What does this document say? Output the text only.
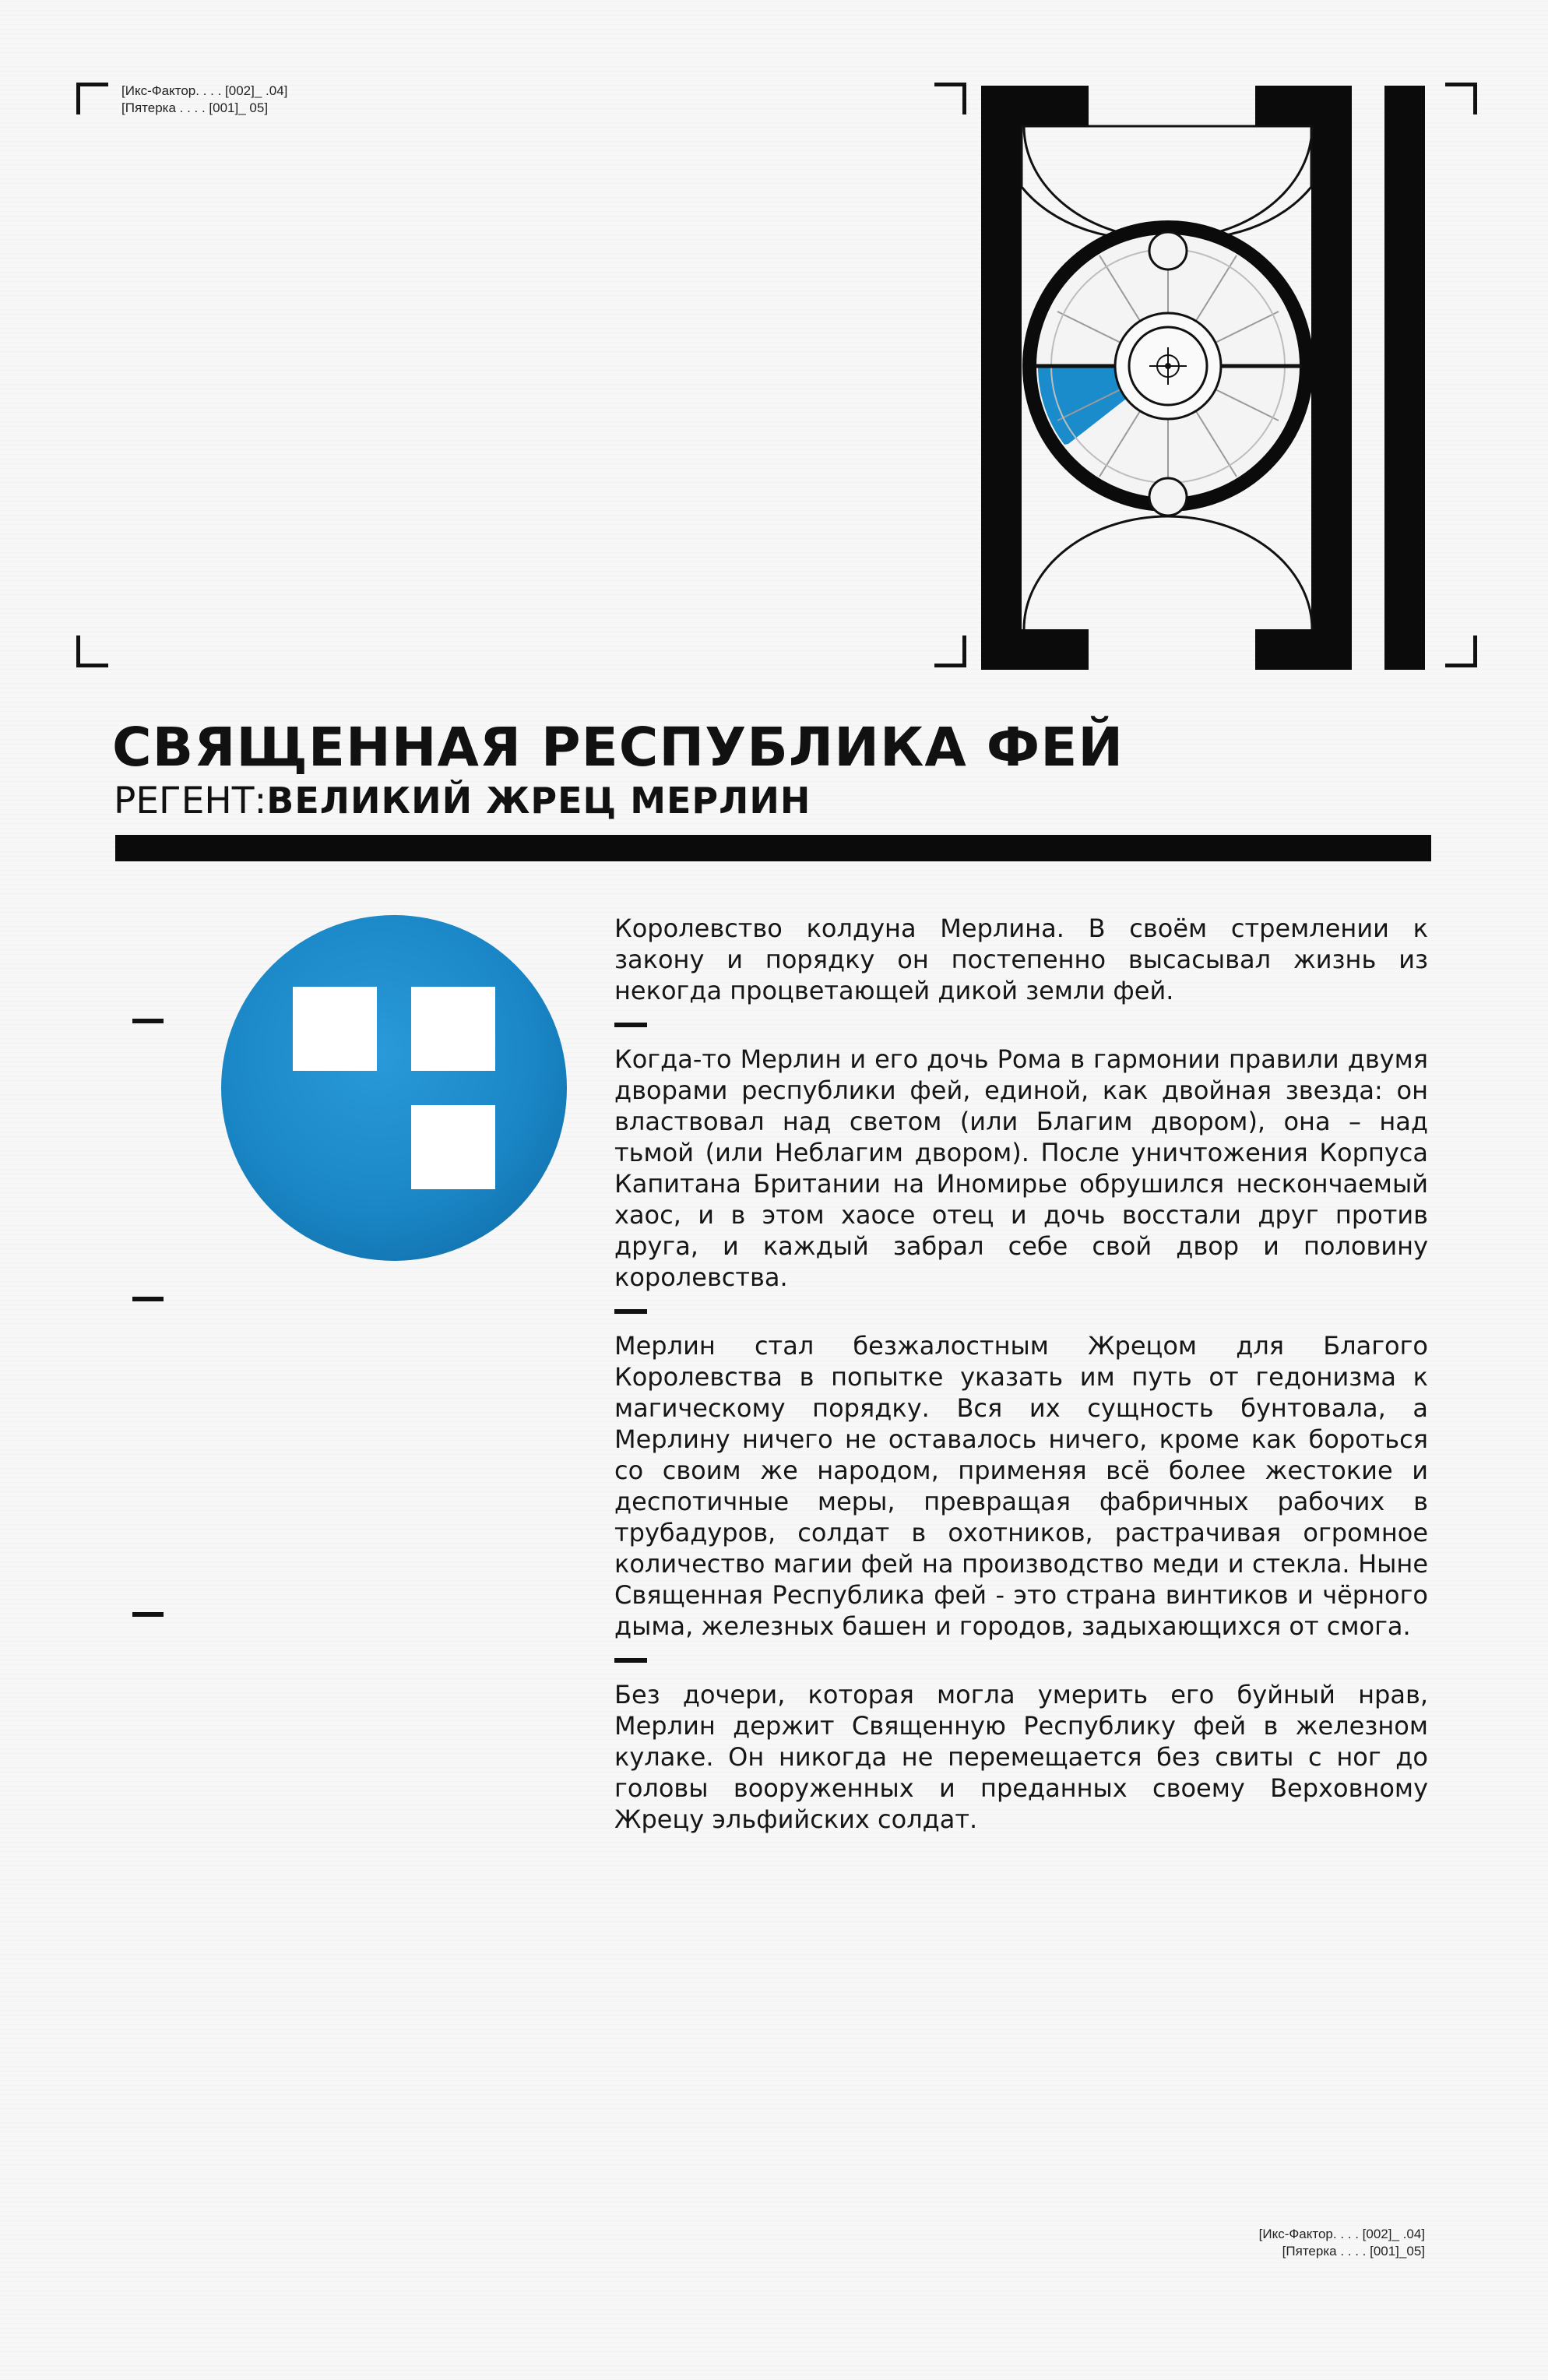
[Икс-Фактор. . . . [002]_ .04]
[Пятерка . . . . [001]_ 05]
СВЯЩЕННАЯ РЕСПУБЛИКА ФЕЙ
РЕГЕНТ:ВЕЛИКИЙ ЖРЕЦ МЕРЛИН

Королевство колдуна Мерлина. В своём стремлении к закону и порядку он постепенно высасывал жизнь из некогда процветающей дикой земли фей.

Когда-то Мерлин и его дочь Рома в гармонии правили двумя дворами республики фей, единой, как двойная звезда: он властвовал над светом (или Благим двором), она – над тьмой (или Неблагим двором). После уничтожения Корпуса Капитана Британии на Иномирье обрушился нескончаемый хаос, и в этом хаосе отец и дочь восстали друг против друга, и каждый забрал себе свой двор и половину королевства.

Мерлин стал безжалостным Жрецом для Благого Королевства в попытке указать им путь от гедонизма к магическому порядку. Вся их сущность бунтовала, а Мерлину ничего не оставалось ничего, кроме как бороться со своим же народом, применяя всё более жестокие и деспотичные меры, превращая фабричных рабочих в трубадуров, солдат в охотников, растрачивая огромное количество магии фей на производство меди и стекла. Ныне Священная Республика фей - это страна винтиков и чёрного дыма, железных башен и городов, задыхающихся от смога.

Без дочери, которая могла умерить его буйный нрав, Мерлин держит Священную Республику фей в железном кулаке. Он никогда не перемещается без свиты с ног до головы вооруженных и преданных своему Верховному Жрецу эльфийских солдат.

[Икс-Фактор. . . . [002]_ .04]
[Пятерка . . . . [001]_05]
